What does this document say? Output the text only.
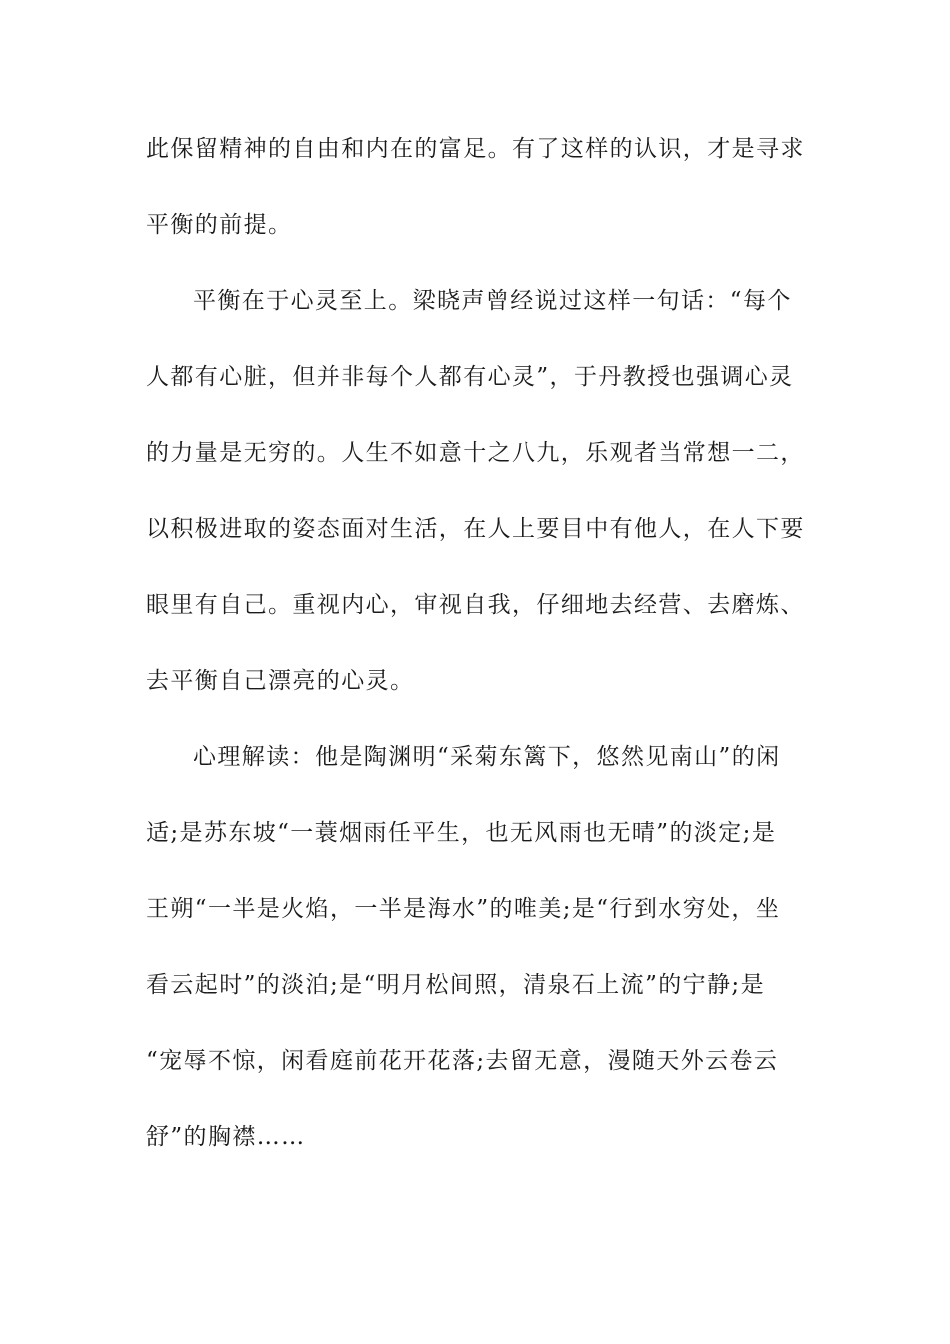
此保留精神的自由和内在的富足。有了这样的认识，才是寻求
平衡的前提。
平衡在于心灵至上。梁晓声曾经说过这样一句话：“每个
人都有心脏，但并非每个人都有心灵”，于丹教授也强调心灵
的力量是无穷的。人生不如意十之八九，乐观者当常想一二，
以积极进取的姿态面对生活，在人上要目中有他人，在人下要
眼里有自己。重视内心，审视自我，仔细地去经营、去磨炼、
去平衡自己漂亮的心灵。
心理解读：他是陶渊明“采菊东篱下，悠然见南山”的闲
适;是苏东坡“一蓑烟雨任平生，也无风雨也无晴”的淡定;是
王朔“一半是火焰，一半是海水”的唯美;是“行到水穷处，坐
看云起时”的淡泊;是“明月松间照，清泉石上流”的宁静;是
“宠辱不惊，闲看庭前花开花落;去留无意，漫随天外云卷云
舒”的胸襟……
